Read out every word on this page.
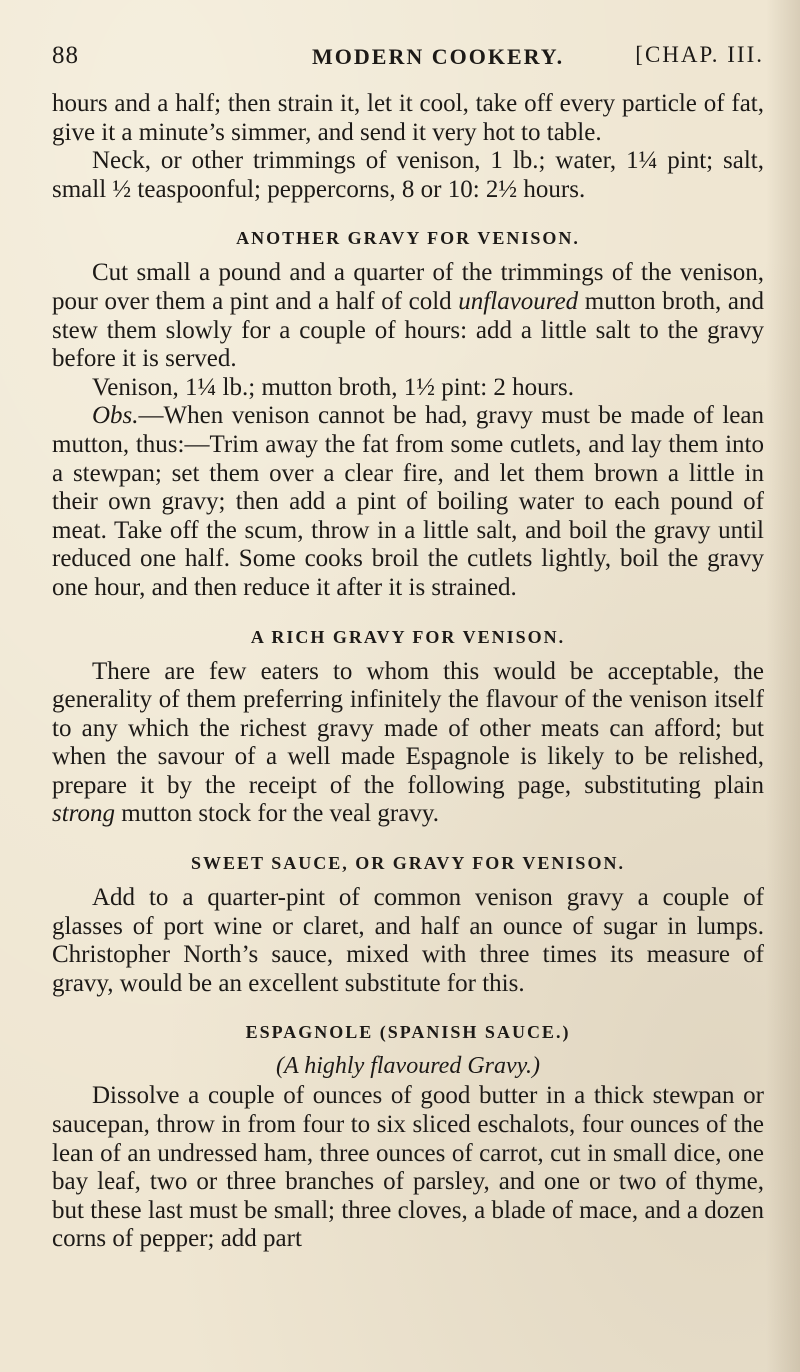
88	MODERN COOKERY.	[CHAP. III.

hours and a half; then strain it, let it cool, take off every particle of fat, give it a minute’s simmer, and send it very hot to table.

Neck, or other trimmings of venison, 1 lb.; water, 1¼ pint; salt, small ½ teaspoonful; peppercorns, 8 or 10: 2½ hours.

ANOTHER GRAVY FOR VENISON.

Cut small a pound and a quarter of the trimmings of the venison, pour over them a pint and a half of cold unflavoured mutton broth, and stew them slowly for a couple of hours: add a little salt to the gravy before it is served.

Venison, 1¼ lb.; mutton broth, 1½ pint: 2 hours.

Obs.—When venison cannot be had, gravy must be made of lean mutton, thus:—Trim away the fat from some cutlets, and lay them into a stewpan; set them over a clear fire, and let them brown a little in their own gravy; then add a pint of boiling water to each pound of meat. Take off the scum, throw in a little salt, and boil the gravy until reduced one half. Some cooks broil the cutlets lightly, boil the gravy one hour, and then reduce it after it is strained.

A RICH GRAVY FOR VENISON.

There are few eaters to whom this would be acceptable, the generality of them preferring infinitely the flavour of the venison itself to any which the richest gravy made of other meats can afford; but when the savour of a well made Espagnole is likely to be relished, prepare it by the receipt of the following page, substituting plain strong mutton stock for the veal gravy.

SWEET SAUCE, OR GRAVY FOR VENISON.

Add to a quarter-pint of common venison gravy a couple of glasses of port wine or claret, and half an ounce of sugar in lumps. Christopher North’s sauce, mixed with three times its measure of gravy, would be an excellent substitute for this.

ESPAGNOLE (SPANISH SAUCE.)
(A highly flavoured Gravy.)

Dissolve a couple of ounces of good butter in a thick stewpan or saucepan, throw in from four to six sliced eschalots, four ounces of the lean of an undressed ham, three ounces of carrot, cut in small dice, one bay leaf, two or three branches of parsley, and one or two of thyme, but these last must be small; three cloves, a blade of mace, and a dozen corns of pepper; add part
